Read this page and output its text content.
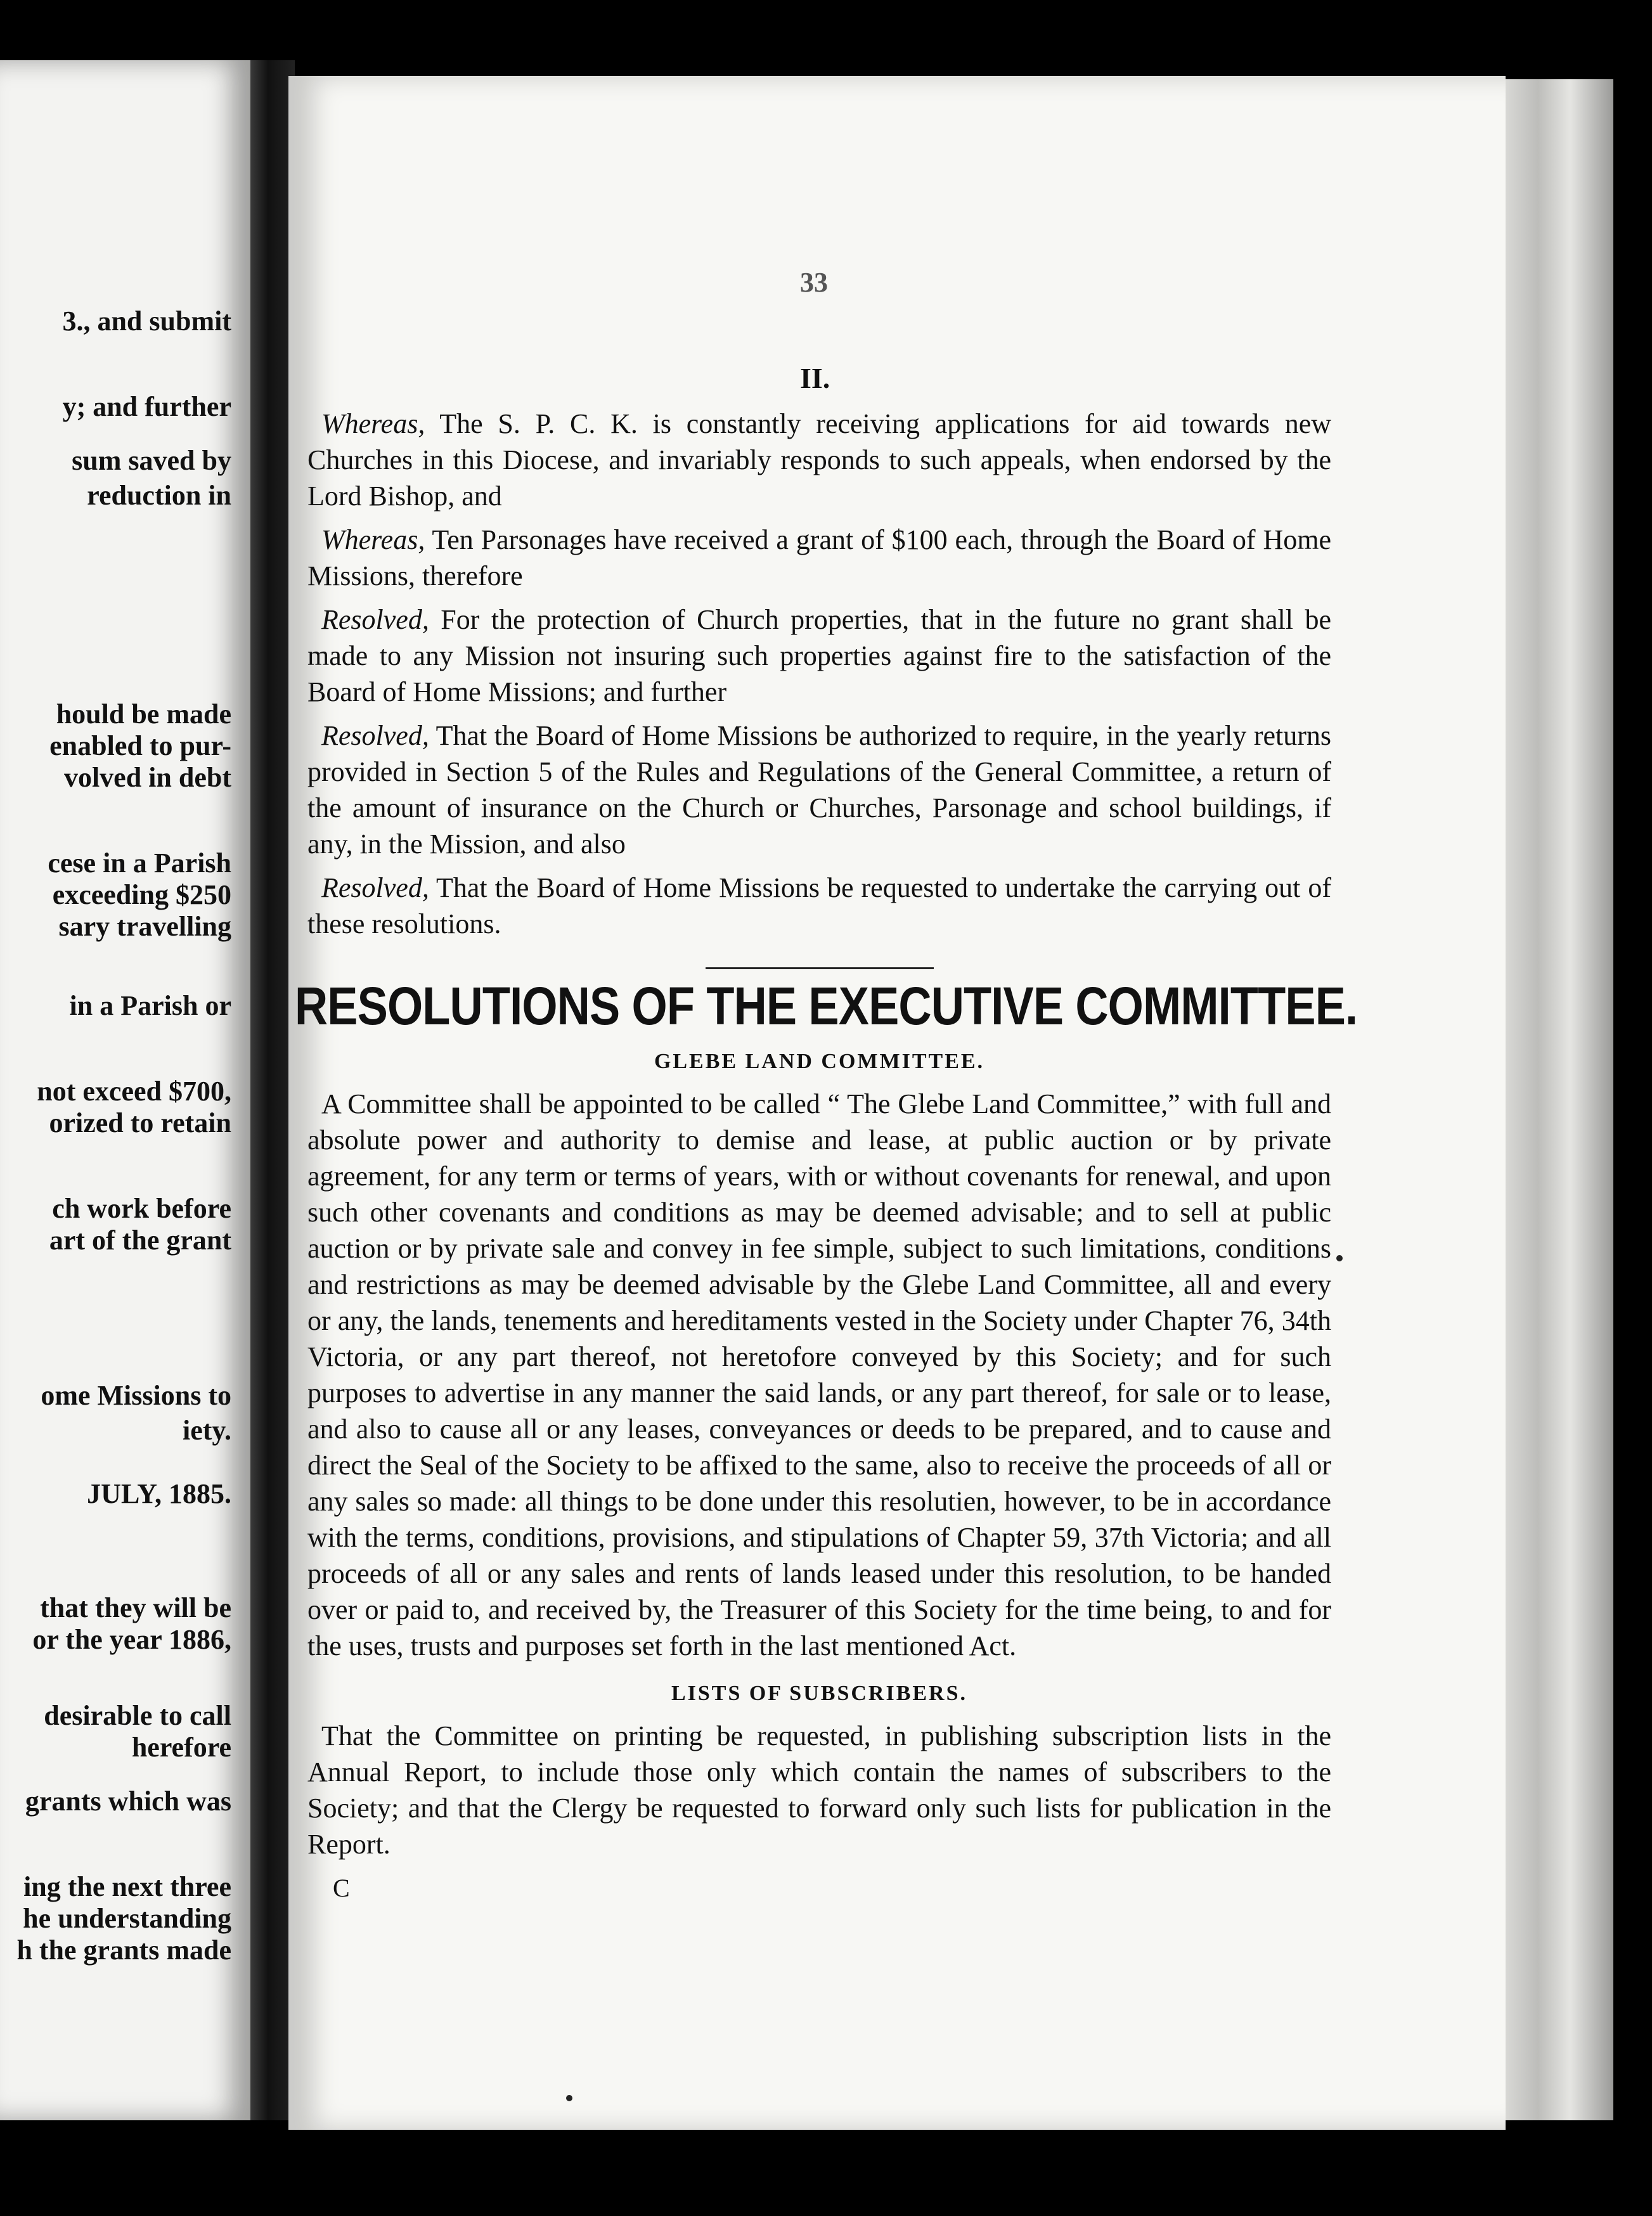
3., and submit
y; and further
sum saved by
reduction in
hould be made
enabled to pur-
volved in debt
cese in a Parish
exceeding $250
sary travelling
in a Parish or
not exceed $700,
orized to retain
ch work before
art of the grant
ome Missions to
iety.
JULY, 1885.
that they will be
or the year 1886,
desirable to call
herefore
grants which was
ing the next three
he understanding
h the grants made
33
II.

Whereas, The S. P. C. K. is constantly receiving applications for aid towards new Churches in this Diocese, and invariably responds to such appeals, when endorsed by the Lord Bishop, and

Whereas, Ten Parsonages have received a grant of $100 each, through the Board of Home Missions, therefore

Resolved, For the protection of Church properties, that in the future no grant shall be made to any Mission not insuring such properties against fire to the satisfaction of the Board of Home Missions; and further

Resolved, That the Board of Home Missions be authorized to require, in the yearly returns provided in Section 5 of the Rules and Regulations of the General Committee, a return of the amount of insurance on the Church or Churches, Parsonage and school buildings, if any, in the Mission, and also

Resolved, That the Board of Home Missions be requested to undertake the carrying out of these resolutions.

RESOLUTIONS OF THE EXECUTIVE COMMITTEE.
GLEBE LAND COMMITTEE.

A Committee shall be appointed to be called “ The Glebe Land Committee,” with full and absolute power and authority to demise and lease, at public auction or by private agreement, for any term or terms of years, with or without covenants for renewal, and upon such other covenants and conditions as may be deemed advisable; and to sell at public auction or by private sale and convey in fee simple, subject to such limitations, conditions and restrictions as may be deemed advisable by the Glebe Land Committee, all and every or any, the lands, tenements and hereditaments vested in the Society under Chapter 76, 34th Victoria, or any part thereof, not heretofore conveyed by this Society; and for such purposes to advertise in any manner the said lands, or any part thereof, for sale or to lease, and also to cause all or any leases, conveyances or deeds to be prepared, and to cause and direct the Seal of the Society to be affixed to the same, also to receive the proceeds of all or any sales so made: all things to be done under this resolutien, however, to be in accordance with the terms, conditions, provisions, and stipulations of Chapter 59, 37th Victoria; and all proceeds of all or any sales and rents of lands leased under this resolution, to be handed over or paid to, and received by, the Treasurer of this Society for the time being, to and for the uses, trusts and purposes set forth in the last mentioned Act.

LISTS OF SUBSCRIBERS.

That the Committee on printing be requested, in publishing subscription lists in the Annual Report, to include those only which contain the names of subscribers to the Society; and that the Clergy be requested to forward only such lists for publication in the Report.

C
